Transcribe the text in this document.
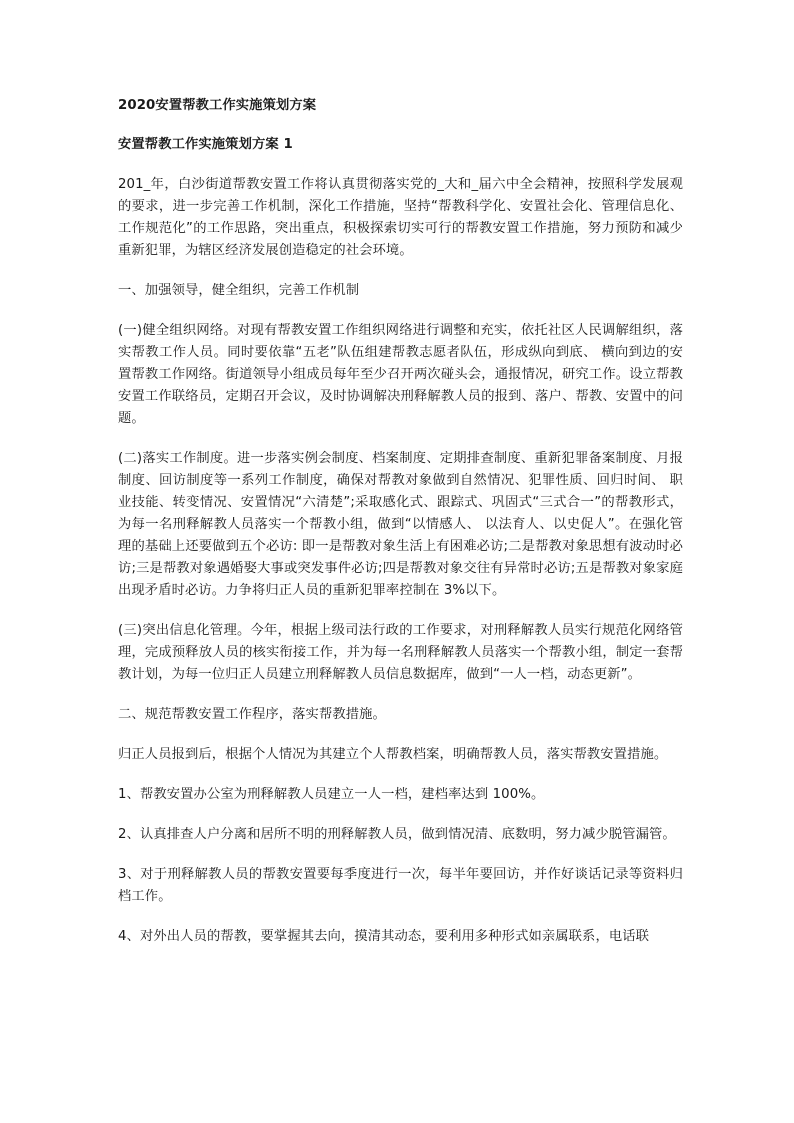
2020安置帮教工作实施策划方案

安置帮教工作实施策划方案 1

201_年，白沙街道帮教安置工作将认真贯彻落实党的_大和_届六中全会精神，按照科学发展观的要求，进一步完善工作机制，深化工作措施，坚持“帮教科学化、安置社会化、管理信息化、工作规范化”的工作思路，突出重点，积极探索切实可行的帮教安置工作措施，努力预防和减少重新犯罪，为辖区经济发展创造稳定的社会环境。

一、加强领导，健全组织，完善工作机制

(一)健全组织网络。对现有帮教安置工作组织网络进行调整和充实，依托社区人民调解组织，落实帮教工作人员。同时要依靠“五老”队伍组建帮教志愿者队伍，形成纵向到底、 横向到边的安置帮教工作网络。街道领导小组成员每年至少召开两次碰头会，通报情况，研究工作。设立帮教安置工作联络员，定期召开会议，及时协调解决刑释解教人员的报到、落户、帮教、安置中的问题。

(二)落实工作制度。进一步落实例会制度、档案制度、定期排查制度、重新犯罪备案制度、月报制度、回访制度等一系列工作制度，确保对帮教对象做到自然情况、犯罪性质、回归时间、 职业技能、转变情况、安置情况“六清楚”;采取感化式、跟踪式、巩固式“三式合一”的帮教形式，为每一名刑释解教人员落实一个帮教小组，做到“以情感人、 以法育人、以史促人”。在强化管理的基础上还要做到五个必访: 即一是帮教对象生活上有困难必访;二是帮教对象思想有波动时必访;三是帮教对象遇婚娶大事或突发事件必访;四是帮教对象交往有异常时必访;五是帮教对象家庭出现矛盾时必访。力争将归正人员的重新犯罪率控制在 3%以下。

(三)突出信息化管理。今年，根据上级司法行政的工作要求，对刑释解教人员实行规范化网络管理，完成预释放人员的核实衔接工作，并为每一名刑释解教人员落实一个帮教小组，制定一套帮教计划，为每一位归正人员建立刑释解教人员信息数据库，做到“一人一档，动态更新”。

二、规范帮教安置工作程序，落实帮教措施。

归正人员报到后，根据个人情况为其建立个人帮教档案，明确帮教人员，落实帮教安置措施。

1、帮教安置办公室为刑释解教人员建立一人一档，建档率达到 100%。

2、认真排查人户分离和居所不明的刑释解教人员，做到情况清、底数明，努力减少脱管漏管。

3、对于刑释解教人员的帮教安置要每季度进行一次，每半年要回访，并作好谈话记录等资料归档工作。

4、对外出人员的帮教，要掌握其去向，摸清其动态，要利用多种形式如亲属联系，电话联
